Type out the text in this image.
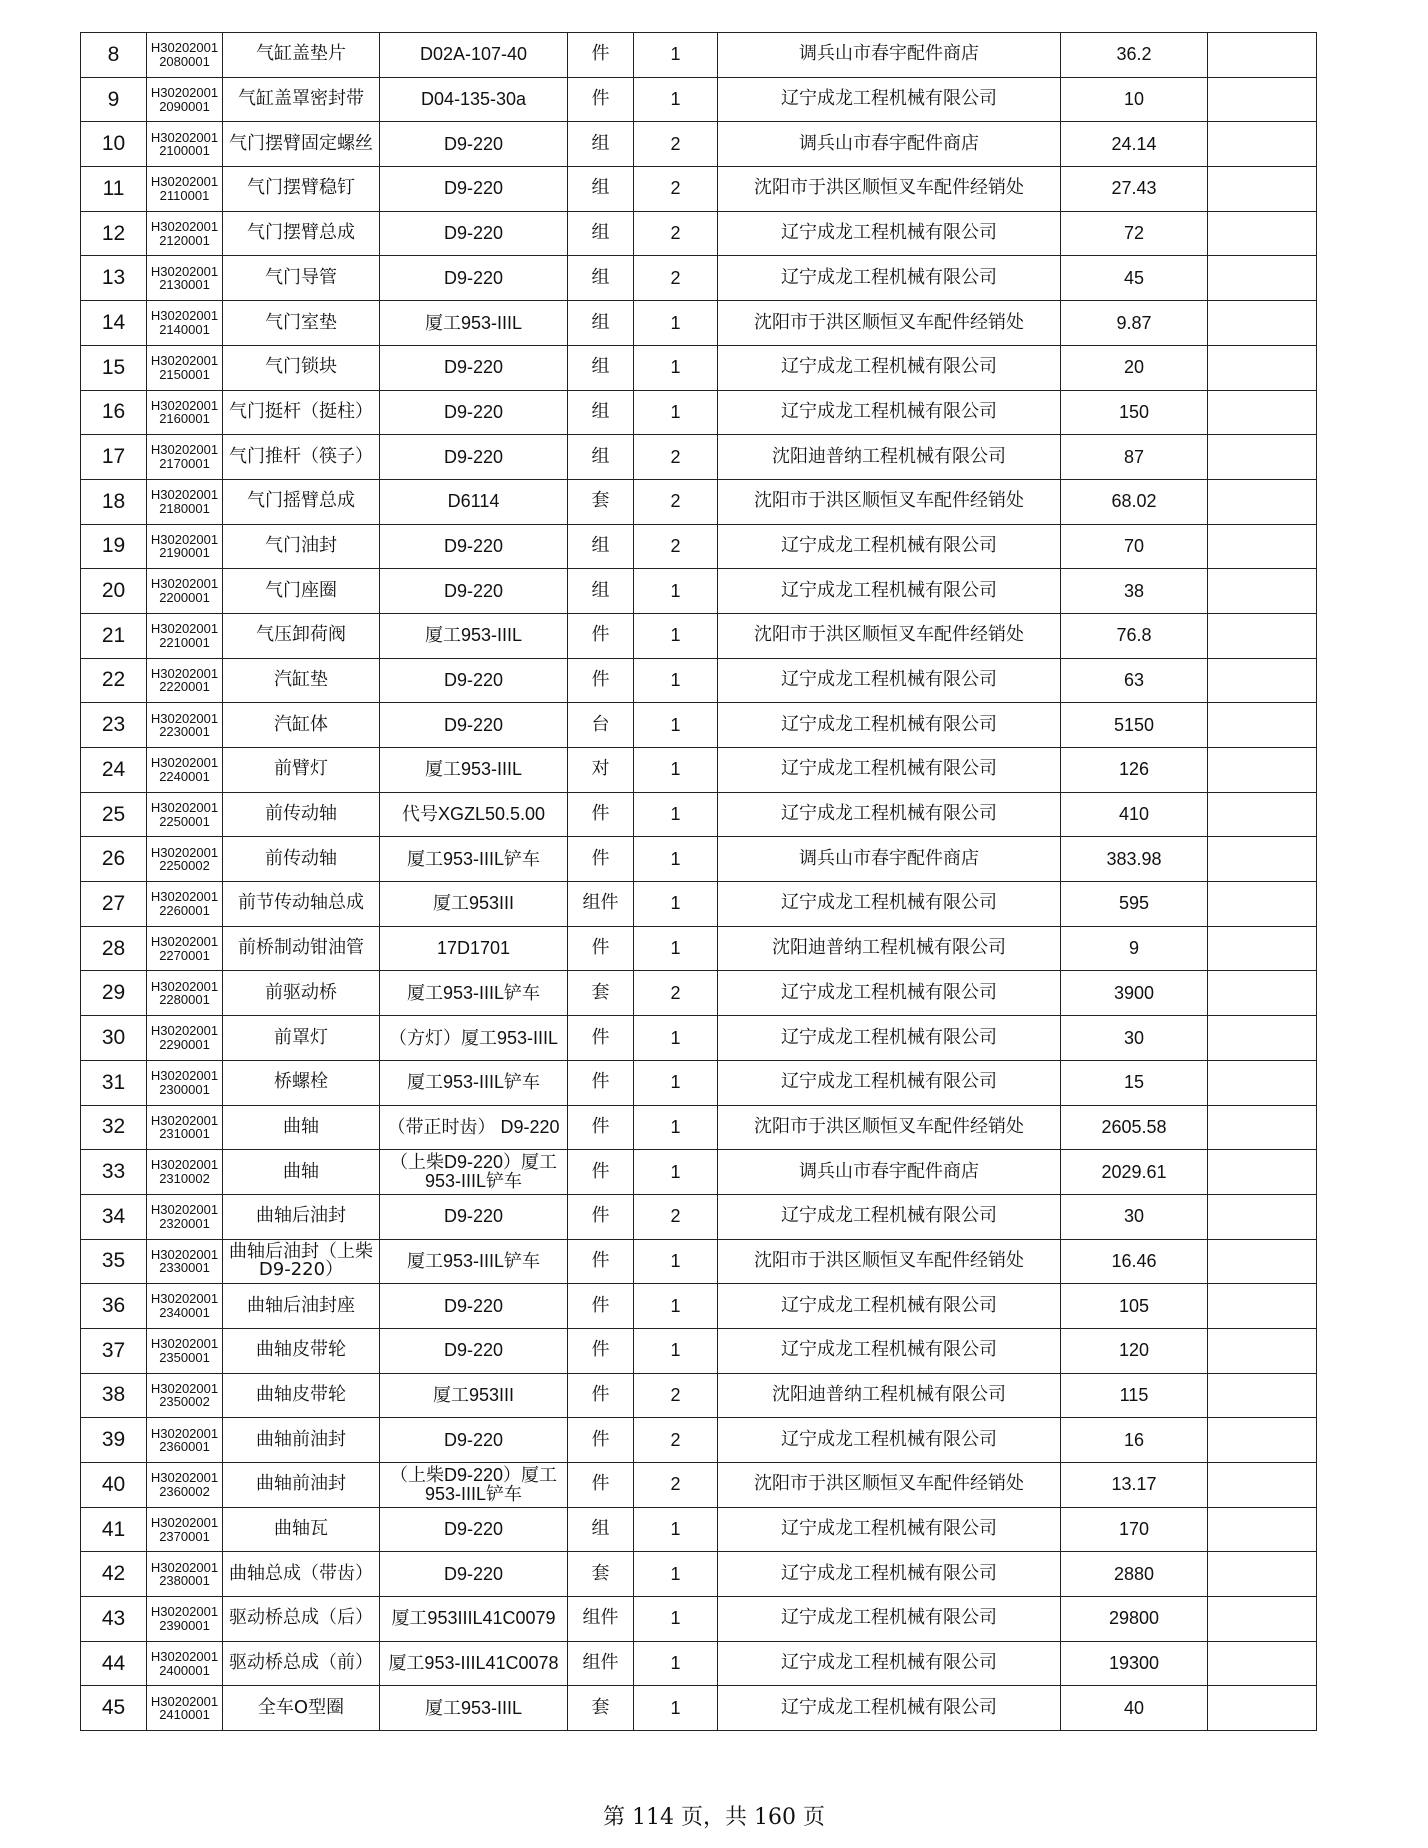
8	H302020012080001	气缸盖垫片	D02A-107-40	件	1	调兵山市春宇配件商店	36.2	
9	H302020012090001	气缸盖罩密封带	D04-135-30a	件	1	辽宁成龙工程机械有限公司	10	
10	H302020012100001	气门摆臂固定螺丝	D9-220	组	2	调兵山市春宇配件商店	24.14	
11	H302020012110001	气门摆臂稳钉	D9-220	组	2	沈阳市于洪区顺恒叉车配件经销处	27.43	
12	H302020012120001	气门摆臂总成	D9-220	组	2	辽宁成龙工程机械有限公司	72	
13	H302020012130001	气门导管	D9-220	组	2	辽宁成龙工程机械有限公司	45	
14	H302020012140001	气门室垫	厦工953-IIIL	组	1	沈阳市于洪区顺恒叉车配件经销处	9.87	
15	H302020012150001	气门锁块	D9-220	组	1	辽宁成龙工程机械有限公司	20	
16	H302020012160001	气门挺杆（挺柱）	D9-220	组	1	辽宁成龙工程机械有限公司	150	
17	H302020012170001	气门推杆（筷子）	D9-220	组	2	沈阳迪普纳工程机械有限公司	87	
18	H302020012180001	气门摇臂总成	D6114	套	2	沈阳市于洪区顺恒叉车配件经销处	68.02	
19	H302020012190001	气门油封	D9-220	组	2	辽宁成龙工程机械有限公司	70	
20	H302020012200001	气门座圈	D9-220	组	1	辽宁成龙工程机械有限公司	38	
21	H302020012210001	气压卸荷阀	厦工953-IIIL	件	1	沈阳市于洪区顺恒叉车配件经销处	76.8	
22	H302020012220001	汽缸垫	D9-220	件	1	辽宁成龙工程机械有限公司	63	
23	H302020012230001	汽缸体	D9-220	台	1	辽宁成龙工程机械有限公司	5150	
24	H302020012240001	前臂灯	厦工953-IIIL	对	1	辽宁成龙工程机械有限公司	126	
25	H302020012250001	前传动轴	代号XGZL50.5.00	件	1	辽宁成龙工程机械有限公司	410	
26	H302020012250002	前传动轴	厦工953-IIIL铲车	件	1	调兵山市春宇配件商店	383.98	
27	H302020012260001	前节传动轴总成	厦工953III	组件	1	辽宁成龙工程机械有限公司	595	
28	H302020012270001	前桥制动钳油管	17D1701	件	1	沈阳迪普纳工程机械有限公司	9	
29	H302020012280001	前驱动桥	厦工953-IIIL铲车	套	2	辽宁成龙工程机械有限公司	3900	
30	H302020012290001	前罩灯	（方灯）厦工953-IIIL	件	1	辽宁成龙工程机械有限公司	30	
31	H302020012300001	桥螺栓	厦工953-IIIL铲车	件	1	辽宁成龙工程机械有限公司	15	
32	H302020012310001	曲轴	（带正时齿） D9-220	件	1	沈阳市于洪区顺恒叉车配件经销处	2605.58	
33	H302020012310002	曲轴	（上柴D9-220）厦工953-IIIL铲车	件	1	调兵山市春宇配件商店	2029.61	
34	H302020012320001	曲轴后油封	D9-220	件	2	辽宁成龙工程机械有限公司	30	
35	H302020012330001	曲轴后油封（上柴D9-220）	厦工953-IIIL铲车	件	1	沈阳市于洪区顺恒叉车配件经销处	16.46	
36	H302020012340001	曲轴后油封座	D9-220	件	1	辽宁成龙工程机械有限公司	105	
37	H302020012350001	曲轴皮带轮	D9-220	件	1	辽宁成龙工程机械有限公司	120	
38	H302020012350002	曲轴皮带轮	厦工953III	件	2	沈阳迪普纳工程机械有限公司	115	
39	H302020012360001	曲轴前油封	D9-220	件	2	辽宁成龙工程机械有限公司	16	
40	H302020012360002	曲轴前油封	（上柴D9-220）厦工953-IIIL铲车	件	2	沈阳市于洪区顺恒叉车配件经销处	13.17	
41	H302020012370001	曲轴瓦	D9-220	组	1	辽宁成龙工程机械有限公司	170	
42	H302020012380001	曲轴总成（带齿）	D9-220	套	1	辽宁成龙工程机械有限公司	2880	
43	H302020012390001	驱动桥总成（后）	厦工953IIIL41C0079	组件	1	辽宁成龙工程机械有限公司	29800	
44	H302020012400001	驱动桥总成（前）	厦工953-IIIL41C0078	组件	1	辽宁成龙工程机械有限公司	19300	
45	H302020012410001	全车O型圈	厦工953-IIIL	套	1	辽宁成龙工程机械有限公司	40	
第 114 页，共 160 页
